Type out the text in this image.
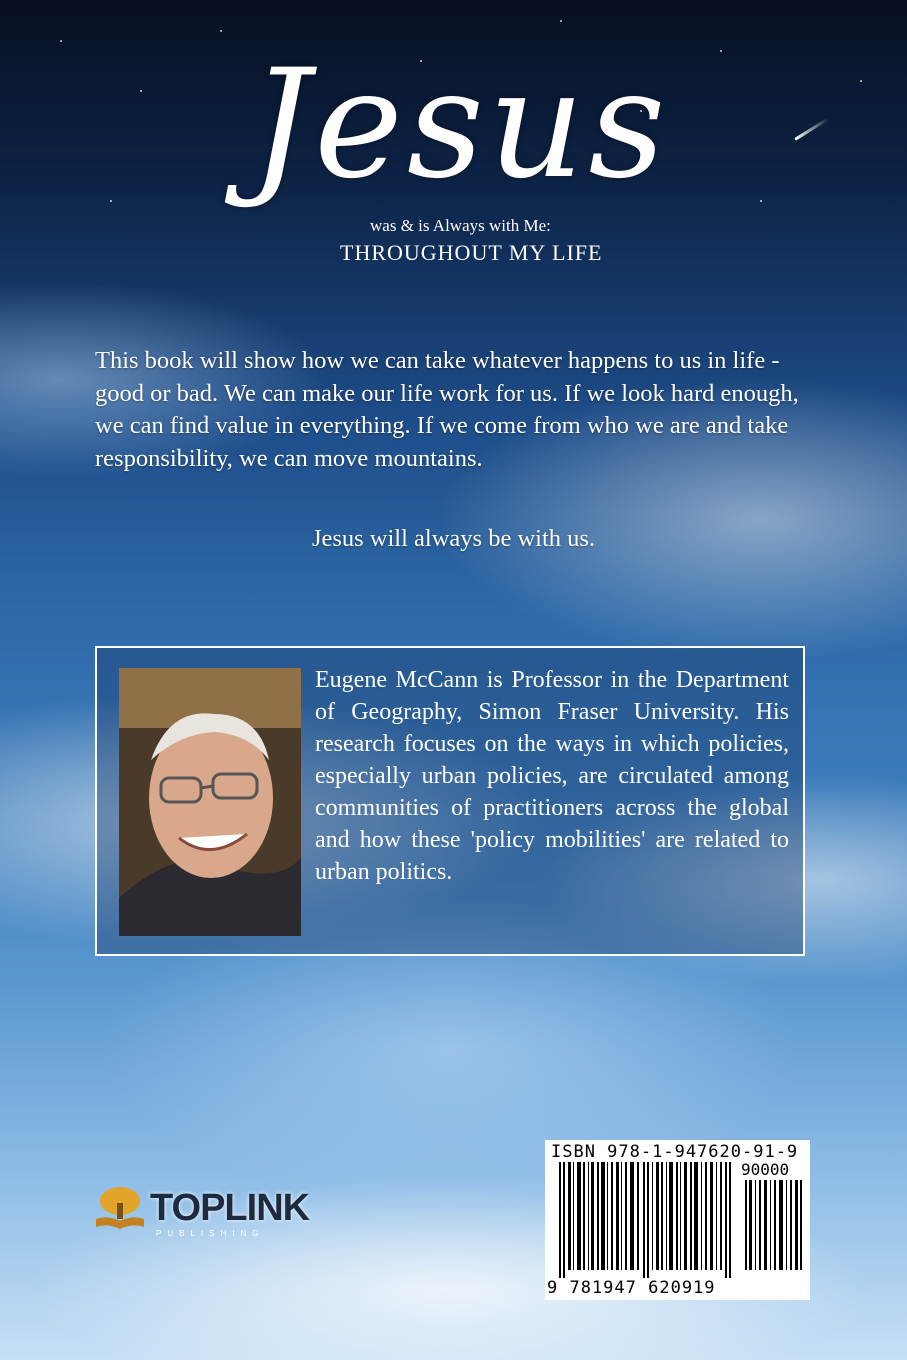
Jesus
was & is Always with Me:
THROUGHOUT MY LIFE
This book will show how we can take whatever happens to us in life - good or bad. We can make our life work for us. If we look hard enough, we can find value in everything. If we come from who we are and take responsibility, we can move mountains.
Jesus will always be with us.
Eugene McCann is Professor in the Department of Geography, Simon Fraser University. His research focuses on the ways in which policies, especially urban policies, are circulated among communities of practitioners across the global and how these 'policy mobilities' are related to urban politics.
TOPLINK
PUBLISHING
ISBN 978-1-947620-91-9
90000
9 781947 620919
